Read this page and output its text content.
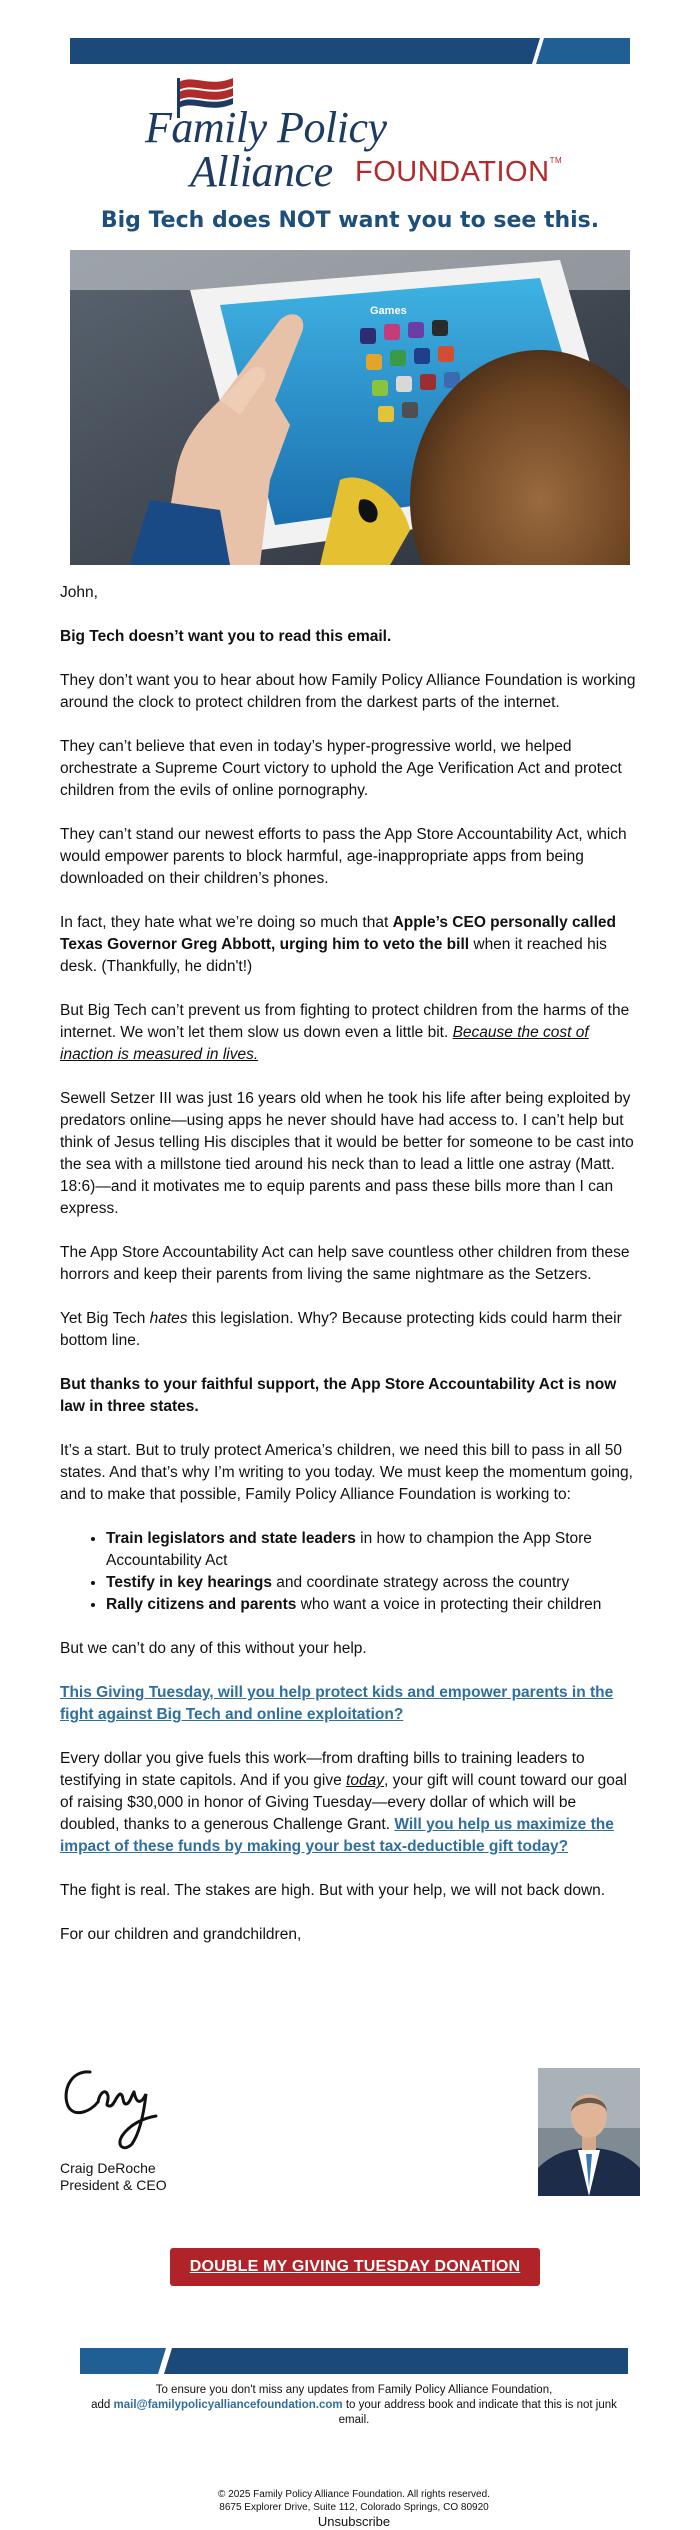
Family Policy
Alliance FOUNDATION™
Big Tech does NOT want you to see this.
Games

John,

Big Tech doesn’t want you to read this email.

They don’t want you to hear about how Family Policy Alliance Foundation is working around the clock to protect children from the darkest parts of the internet.

They can’t believe that even in today’s hyper-progressive world, we helped orchestrate a Supreme Court victory to uphold the Age Verification Act and protect children from the evils of online pornography.

They can’t stand our newest efforts to pass the App Store Accountability Act, which would empower parents to block harmful, age-inappropriate apps from being downloaded on their children’s phones.

In fact, they hate what we’re doing so much that Apple’s CEO personally called Texas Governor Greg Abbott, urging him to veto the bill when it reached his desk. (Thankfully, he didn't!)

But Big Tech can’t prevent us from fighting to protect children from the harms of the internet. We won’t let them slow us down even a little bit. Because the cost of inaction is measured in lives.

Sewell Setzer III was just 16 years old when he took his life after being exploited by predators online—using apps he never should have had access to. I can’t help but think of Jesus telling His disciples that it would be better for someone to be cast into the sea with a millstone tied around his neck than to lead a little one astray (Matt. 18:6)—and it motivates me to equip parents and pass these bills more than I can express.

The App Store Accountability Act can help save countless other children from these horrors and keep their parents from living the same nightmare as the Setzers.

Yet Big Tech hates this legislation. Why? Because protecting kids could harm their bottom line.

But thanks to your faithful support, the App Store Accountability Act is now law in three states.

It’s a start. But to truly protect America’s children, we need this bill to pass in all 50 states. And that’s why I’m writing to you today. We must keep the momentum going, and to make that possible, Family Policy Alliance Foundation is working to:

• Train legislators and state leaders in how to champion the App Store Accountability Act
• Testify in key hearings and coordinate strategy across the country
• Rally citizens and parents who want a voice in protecting their children

But we can’t do any of this without your help.

This Giving Tuesday, will you help protect kids and empower parents in the fight against Big Tech and online exploitation?

Every dollar you give fuels this work—from drafting bills to training leaders to testifying in state capitols. And if you give today, your gift will count toward our goal of raising $30,000 in honor of Giving Tuesday—every dollar of which will be doubled, thanks to a generous Challenge Grant. Will you help us maximize the impact of these funds by making your best tax-deductible gift today?

The fight is real. The stakes are high. But with your help, we will not back down.

For our children and grandchildren,

Craig DeRoche
President & CEO
DOUBLE MY GIVING TUESDAY DONATION
To ensure you don't miss any updates from Family Policy Alliance Foundation,
add mail@familypolicyalliancefoundation.com to your address book and indicate that this is not junk email.
© 2025 Family Policy Alliance Foundation. All rights reserved.
8675 Explorer Drive, Suite 112, Colorado Springs, CO 80920
Unsubscribe
